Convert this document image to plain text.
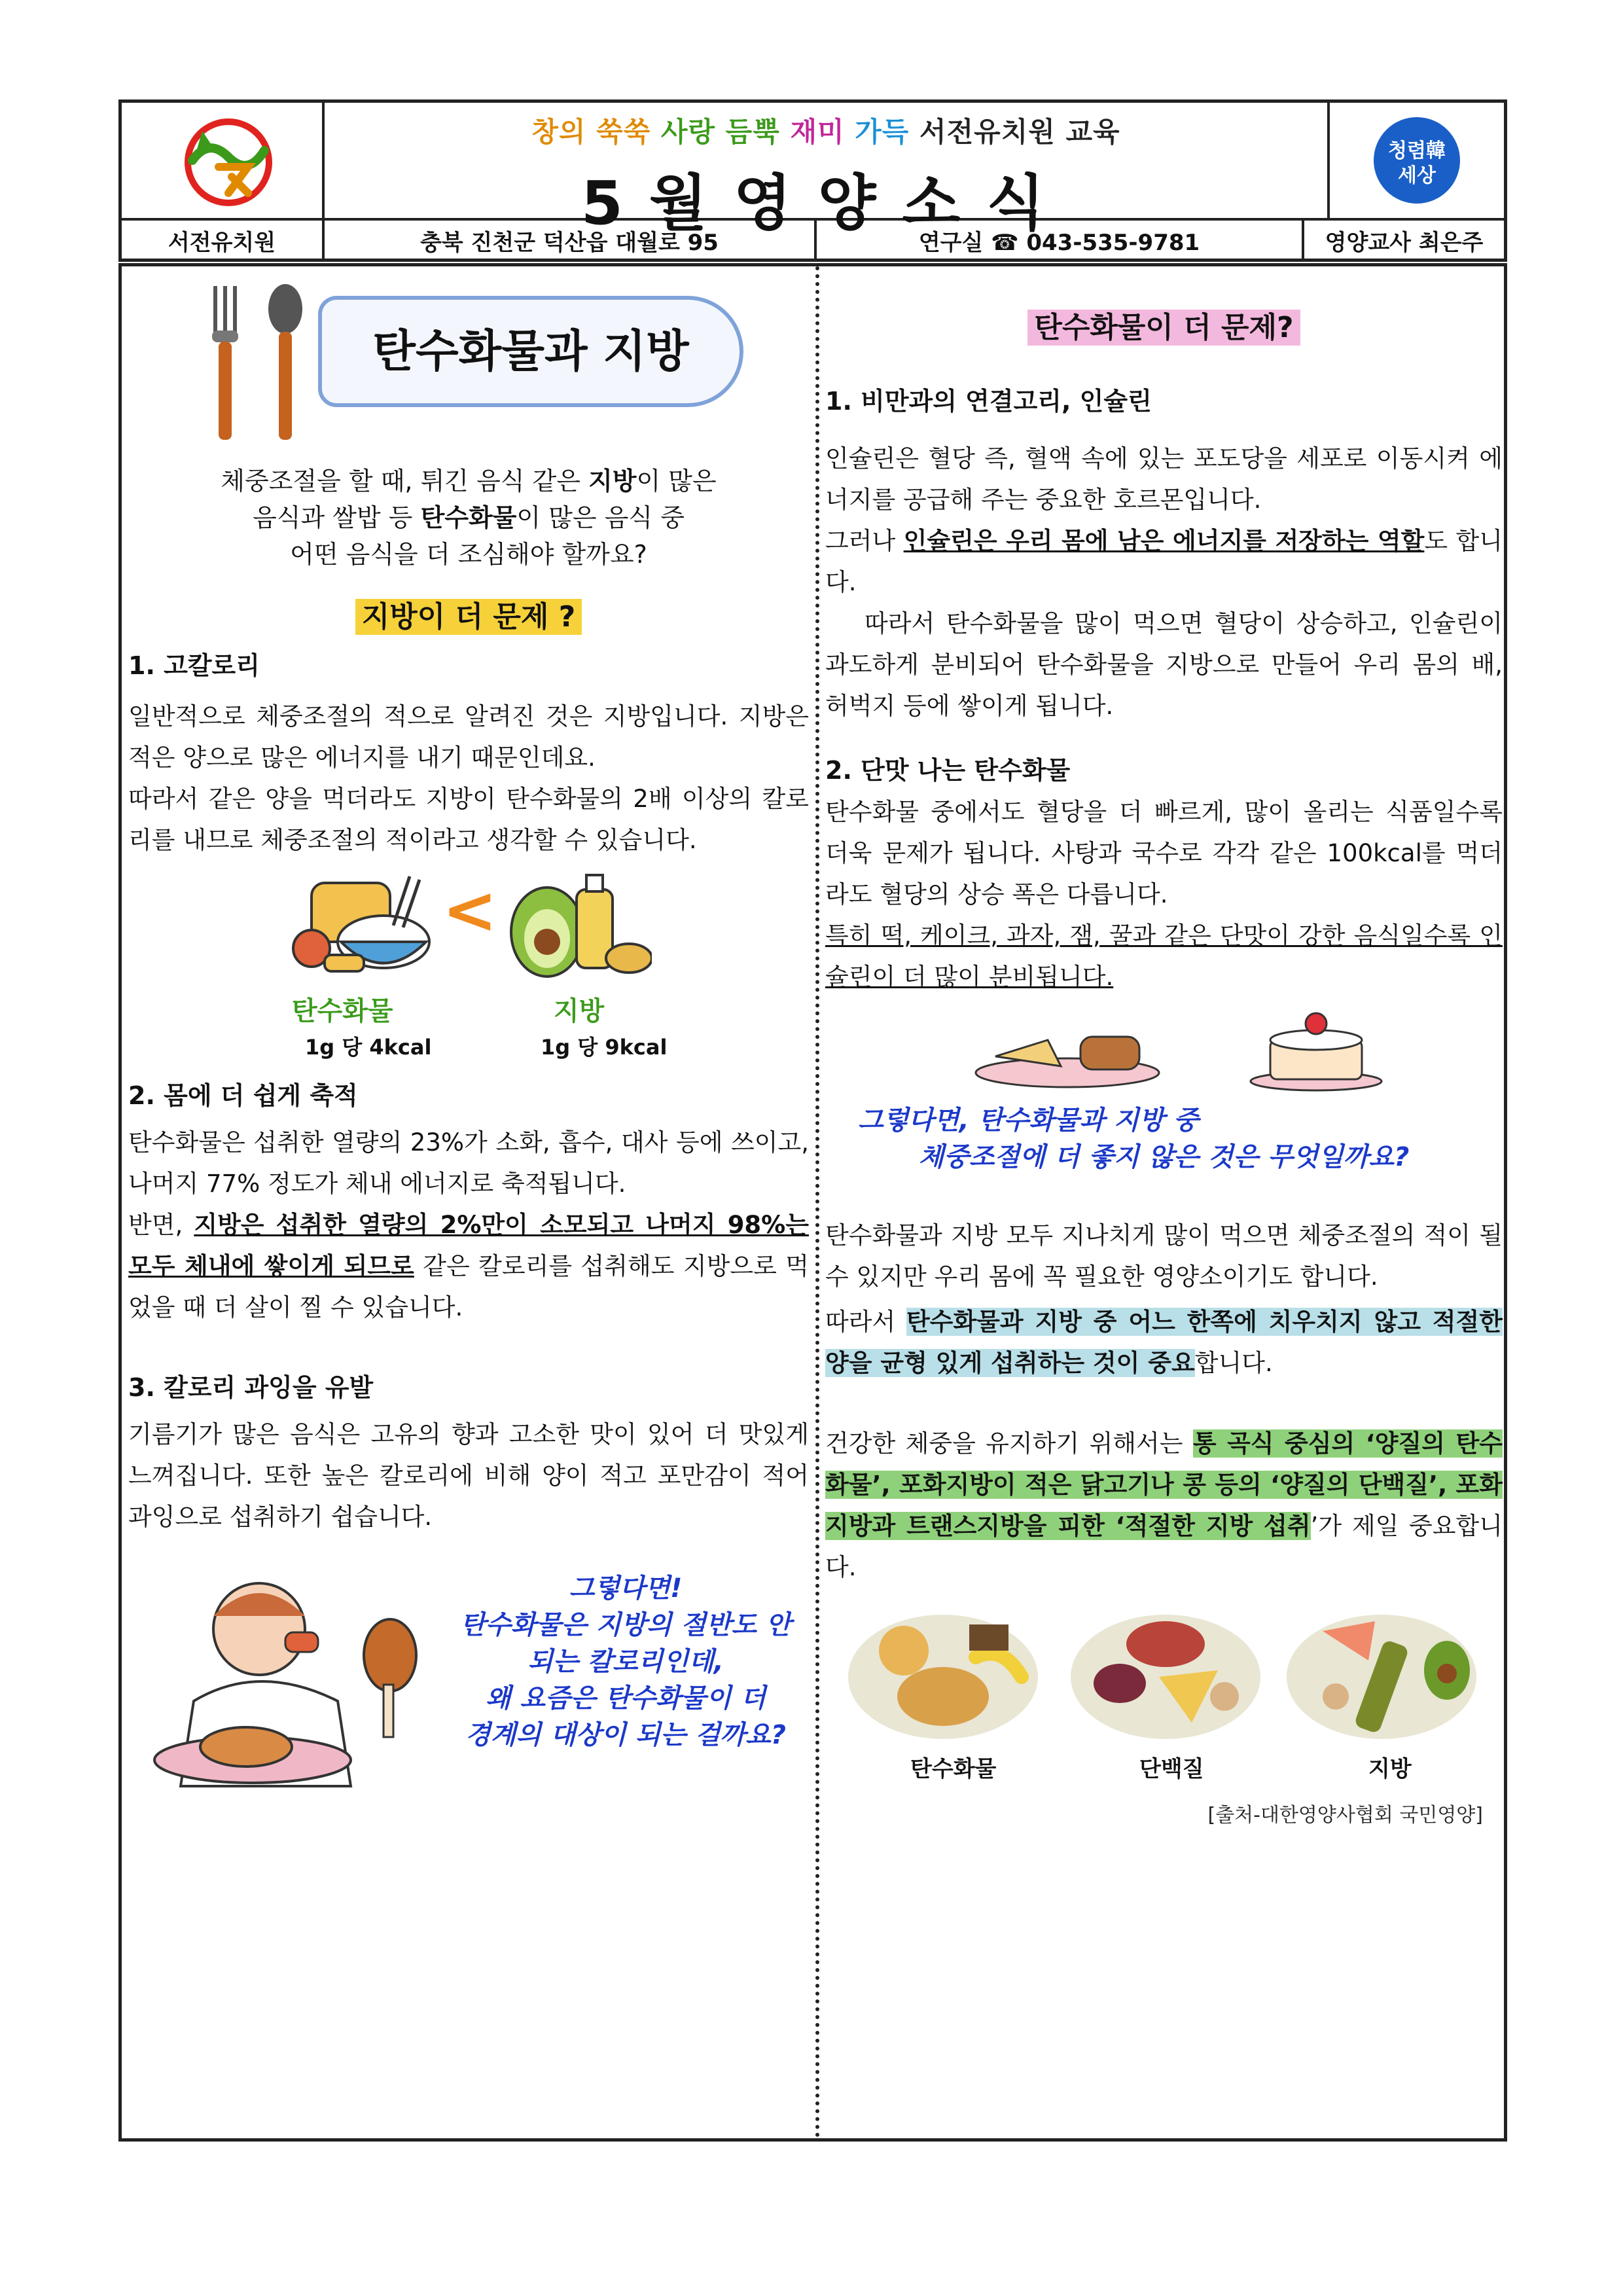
창의 쑥쑥 사랑 듬뿍 재미 가득 서전유치원 교육
5월영양소식
청렴韓
세상
서전유치원	충북 진천군 덕산읍 대월로 95	연구실 ☎ 043-535-9781	영양교사 최은주
탄수화물과 지방
체중조절을 할 때, 튀긴 음식 같은 지방이 많은
음식과 쌀밥 등 탄수화물이 많은 음식 중
어떤 음식을 더 조심해야 할까요?
지방이 더 문제 ?
1. 고칼로리
일반적으로 체중조절의 적으로 알려진 것은 지방입니다. 지방은 적은 양으로 많은 에너지를 내기 때문인데요.
따라서 같은 양을 먹더라도 지방이 탄수화물의 2배 이상의 칼로리를 내므로 체중조절의 적이라고 생각할 수 있습니다.
<
탄수화물
1g 당 4kcal
지방
1g 당 9kcal
2. 몸에 더 쉽게 축적
탄수화물은 섭취한 열량의 23%가 소화, 흡수, 대사 등에 쓰이고, 나머지 77% 정도가 체내 에너지로 축적됩니다.
반면, 지방은 섭취한 열량의 2%만이 소모되고 나머지 98%는 모두 체내에 쌓이게 되므로 같은 칼로리를 섭취해도 지방으로 먹었을 때 더 살이 찔 수 있습니다.
3. 칼로리 과잉을 유발
기름기가 많은 음식은 고유의 향과 고소한 맛이 있어 더 맛있게 느껴집니다. 또한 높은 칼로리에 비해 양이 적고 포만감이 적어 과잉으로 섭취하기 쉽습니다.
그렇다면!
탄수화물은 지방의 절반도 안
되는 칼로리인데,
왜 요즘은 탄수화물이 더
경계의 대상이 되는 걸까요?
탄수화물이 더 문제?
1. 비만과의 연결고리, 인슐린
인슐린은 혈당 즉, 혈액 속에 있는 포도당을 세포로 이동시켜 에너지를 공급해 주는 중요한 호르몬입니다.
그러나 인슐린은 우리 몸에 남은 에너지를 저장하는 역할도 합니다.
따라서 탄수화물을 많이 먹으면 혈당이 상승하고, 인슐린이 과도하게 분비되어 탄수화물을 지방으로 만들어 우리 몸의 배, 허벅지 등에 쌓이게 됩니다.
2. 단맛 나는 탄수화물
탄수화물 중에서도 혈당을 더 빠르게, 많이 올리는 식품일수록 더욱 문제가 됩니다. 사탕과 국수로 각각 같은 100kcal를 먹더라도 혈당의 상승 폭은 다릅니다.
특히 떡, 케이크, 과자, 잼, 꿀과 같은 단맛이 강한 음식일수록 인슐린이 더 많이 분비됩니다.
그렇다면, 탄수화물과 지방 중
체중조절에 더 좋지 않은 것은 무엇일까요?
탄수화물과 지방 모두 지나치게 많이 먹으면 체중조절의 적이 될 수 있지만 우리 몸에 꼭 필요한 영양소이기도 합니다.
따라서 탄수화물과 지방 중 어느 한쪽에 치우치지 않고 적절한 양을 균형 있게 섭취하는 것이 중요합니다.
건강한 체중을 유지하기 위해서는 통 곡식 중심의 ‘양질의 탄수화물’, 포화지방이 적은 닭고기나 콩 등의 ‘양질의 단백질’, 포화지방과 트랜스지방을 피한 ‘적절한 지방 섭취’가 제일 중요합니다.
탄수화물	단백질	지방
[출처-대한영양사협회 국민영양]
